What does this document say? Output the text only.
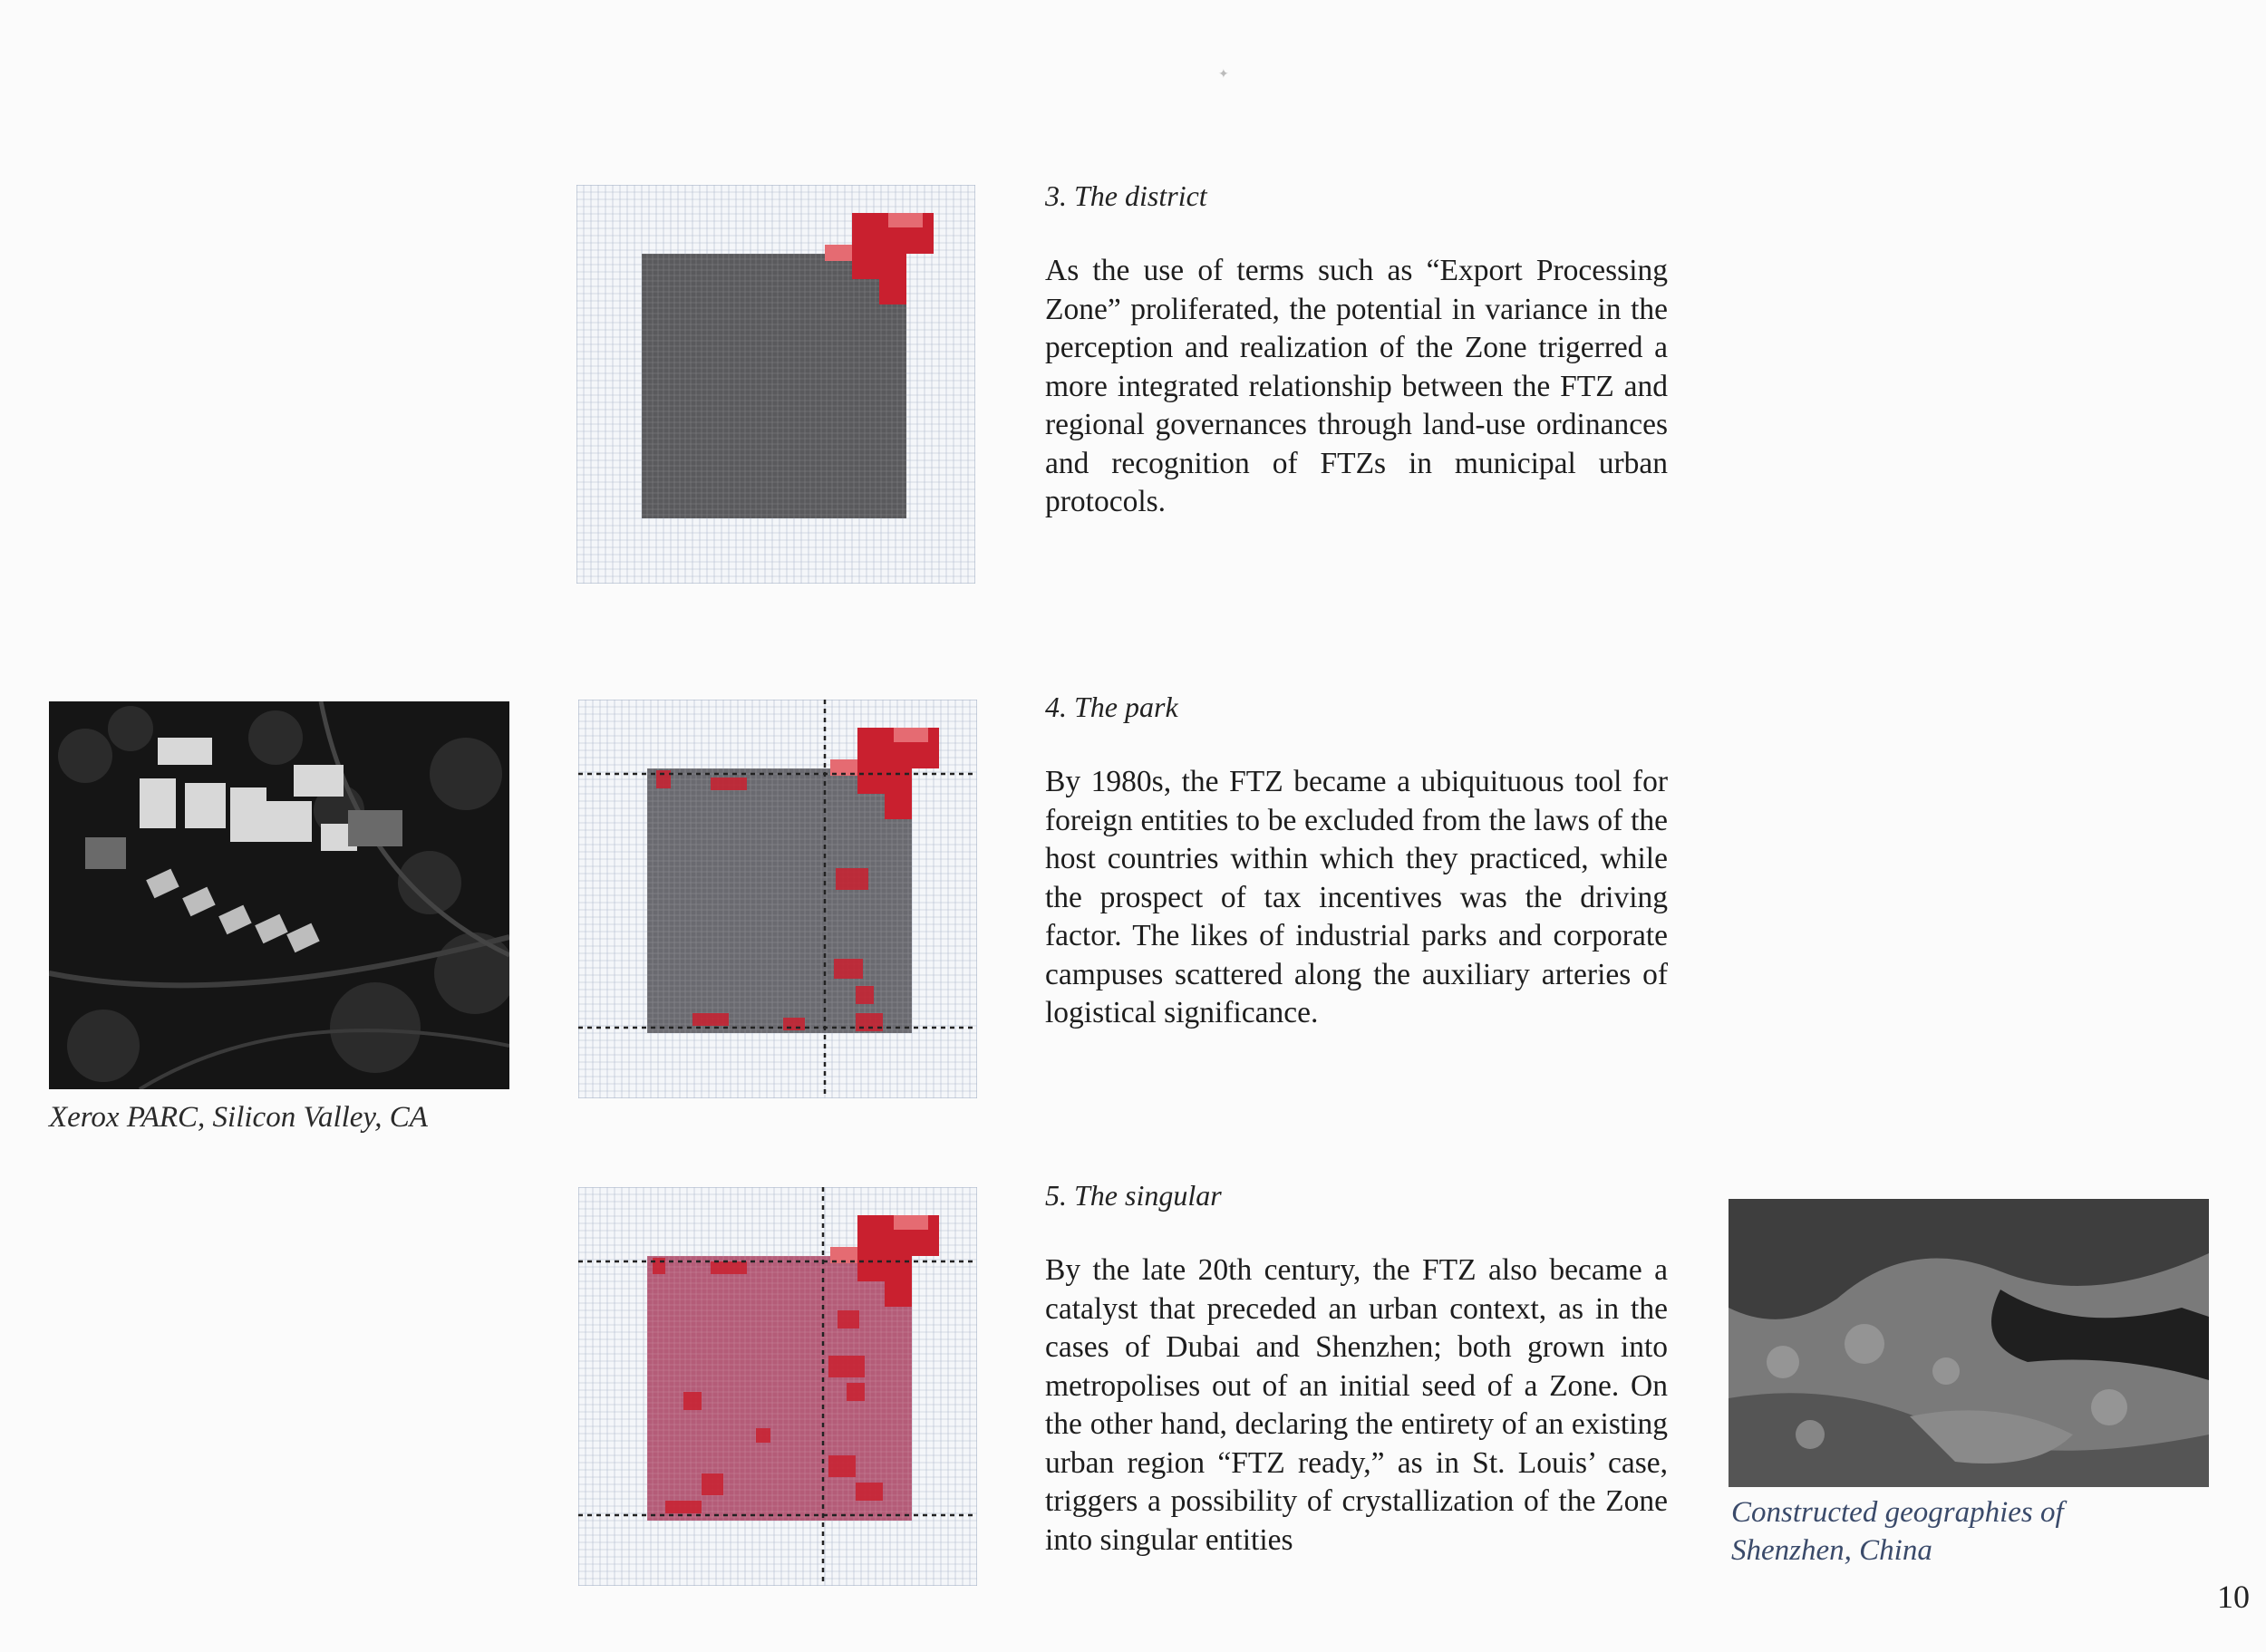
✦

3. The district

As the use of terms such as “Export Processing Zone” proliferated, the potential in variance in the perception and realization of the Zone trigerred a more integrated relationship between the FTZ and regional governances through land-use ordinances and recognition of FTZs in municipal urban protocols.

4. The park

By 1980s, the FTZ became a ubiquituous tool for foreign entities to be excluded from the laws of the host countries within which they practiced, while the prospect of tax incentives was the driving factor. The likes of industrial parks and corporate campuses scattered along the auxiliary arteries of logistical significance.

5. The singular

By the late 20th century, the FTZ also became a catalyst that preceded an urban context, as in the cases of Dubai and Shenzhen; both grown into metropolises out of an initial seed of a Zone. On the other hand, declaring the entirety of an existing urban region “FTZ ready,” as in St. Louis’ case, triggers a possibility of crystallization of the Zone into singular entities

Xerox PARC, Silicon Valley, CA
Constructed geographies of
Shenzhen, China
10
